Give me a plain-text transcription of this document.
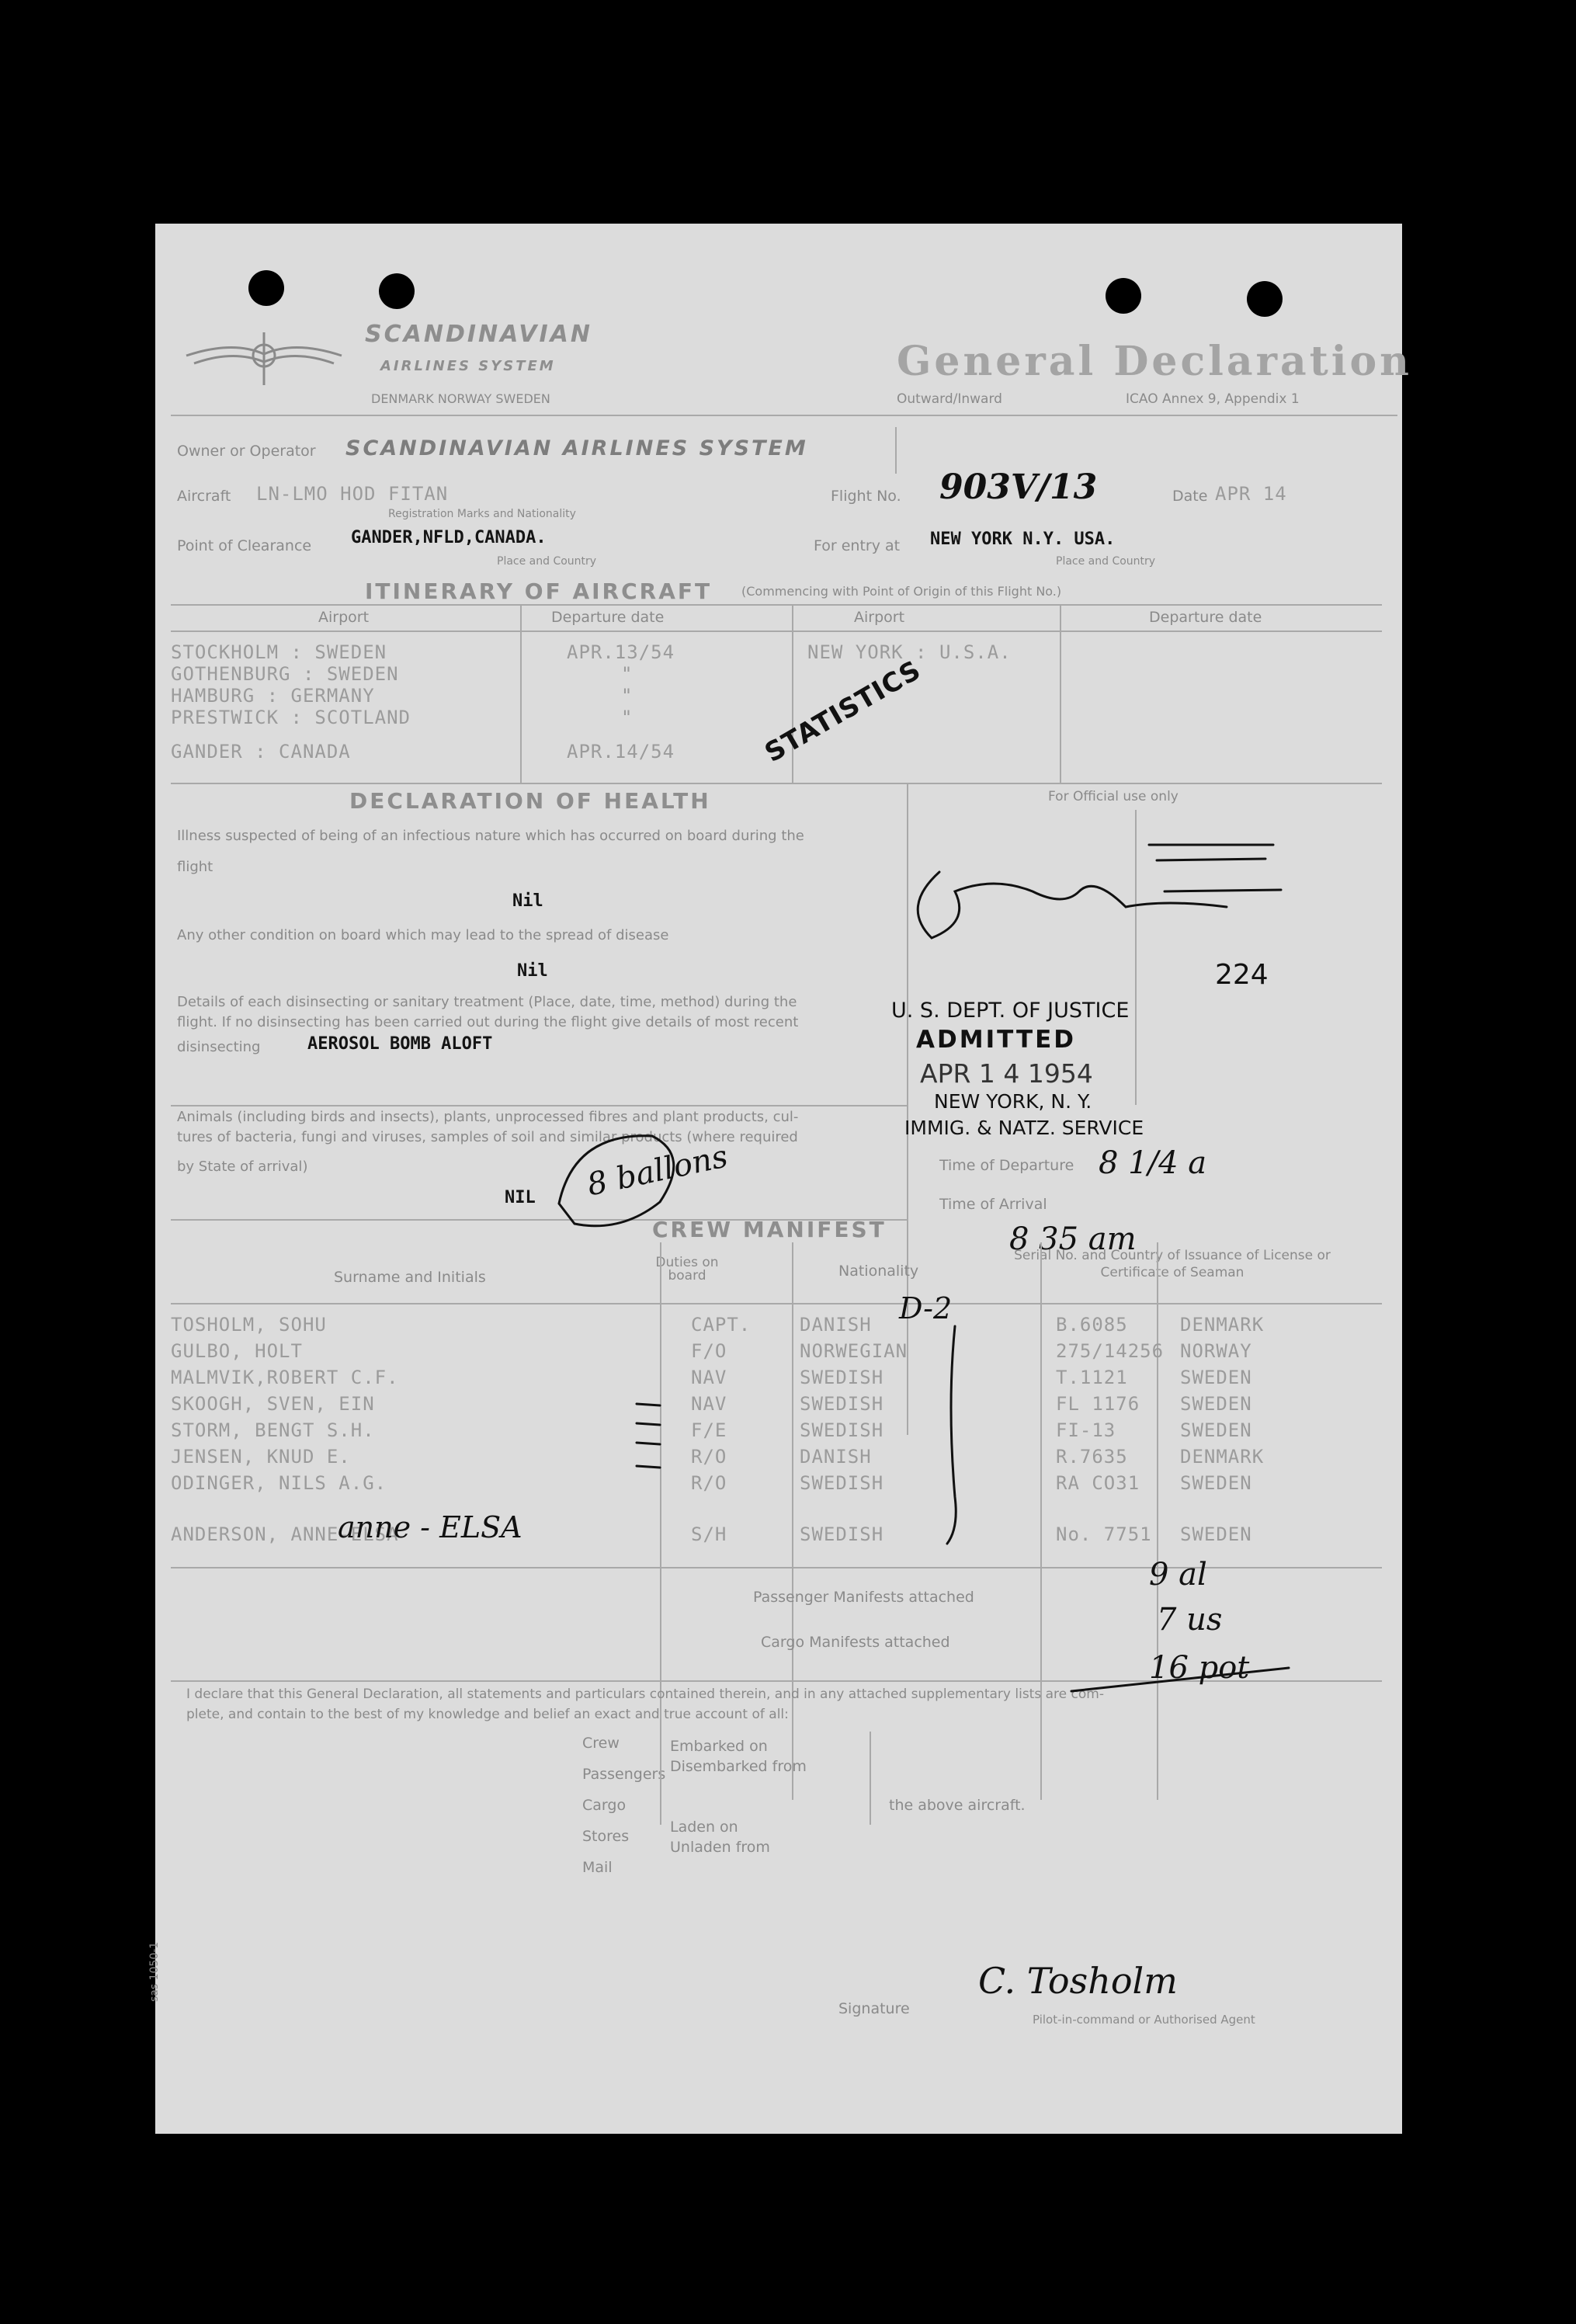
SCANDINAVIAN
AIRLINES SYSTEM
DENMARK NORWAY SWEDEN
General Declaration
Outward/Inward	ICAO Annex 9, Appendix 1
Owner or Operator SCANDINAVIAN AIRLINES SYSTEM
Aircraft LN-LMO HOD FITAN
Registration Marks and Nationality
Flight No. 903V/13	Date APR 14
Point of Clearance GANDER,NFLD,CANADA.
Place and Country
For entry at NEW YORK N.Y. USA.
Place and Country
ITINERARY OF AIRCRAFT (Commencing with Point of Origin of this Flight No.)
Airport	Departure date	Airport	Departure date
STOCKHOLM : SWEDEN	APR.13/54	NEW YORK : U.S.A.
GOTHENBURG : SWEDEN	"
HAMBURG : GERMANY	"
PRESTWICK : SCOTLAND	"
GANDER : CANADA	APR.14/54	STATISTICS
DECLARATION OF HEALTH	For Official use only
Illness suspected of being of an infectious nature which has occurred on board during the
flight
Nil
Any other condition on board which may lead to the spread of disease
Nil
Details of each disinsecting or sanitary treatment (Place, date, time, method) during the
flight. If no disinsecting has been carried out during the flight give details of most recent
disinsecting	AEROSOL BOMB ALOFT
Animals (including birds and insects), plants, unprocessed fibres and plant products, cul-
tures of bacteria, fungi and viruses, samples of soil and similar products (where required
by State of arrival)
NIL 8 ballons
224
U. S. DEPT. OF JUSTICE
ADMITTED
APR 1 4 1954
NEW YORK, N. Y.
IMMIG. & NATZ. SERVICE
Time of Departure
Time of Arrival
8 1/4 a
8 35 am
CREW MANIFEST
Surname and Initials
Duties on board	Nationality
Serial No. and Country of Issuance of License or Certificate of Seaman
TOSHOLM, SOHU	CAPT.	DANISH	B.6085	DENMARK
GULBO, HOLT	F/O	NORWEGIAN	275/14256 NORWAY
MALMVIK,ROBERT C.F.	NAV	SWEDISH	T.1121	SWEDEN
SKOOGH, SVEN, EIN	NAV	SWEDISH	FL 1176 SWEDEN
STORM, BENGT S.H.	F/E	SWEDISH	FI-13	SWEDEN
JENSEN, KNUD E.	R/O	DANISH	R.7635	DENMARK
ODINGER, NILS A.G.	R/O	SWEDISH	RA CO31 SWEDEN
ANDERSON, ANNE-ELSA	S/H	SWEDISH	No. 7751 SWEDEN
D-2
anne - ELSA
Passenger Manifests attached
Cargo Manifests attached
9 al
7 us
16 pot
I declare that this General Declaration, all statements and particulars contained therein, and in any attached supplementary lists are com-
plete, and contain to the best of my knowledge and belief an exact and true account of all:
Crew
Passengers
Cargo
Stores
Mail
Embarked on
Disembarked from
Laden on
Unladen from
the above aircraft.
sas 1050-1
Signature
C. Tosholm
Pilot-in-command or Authorised Agent
